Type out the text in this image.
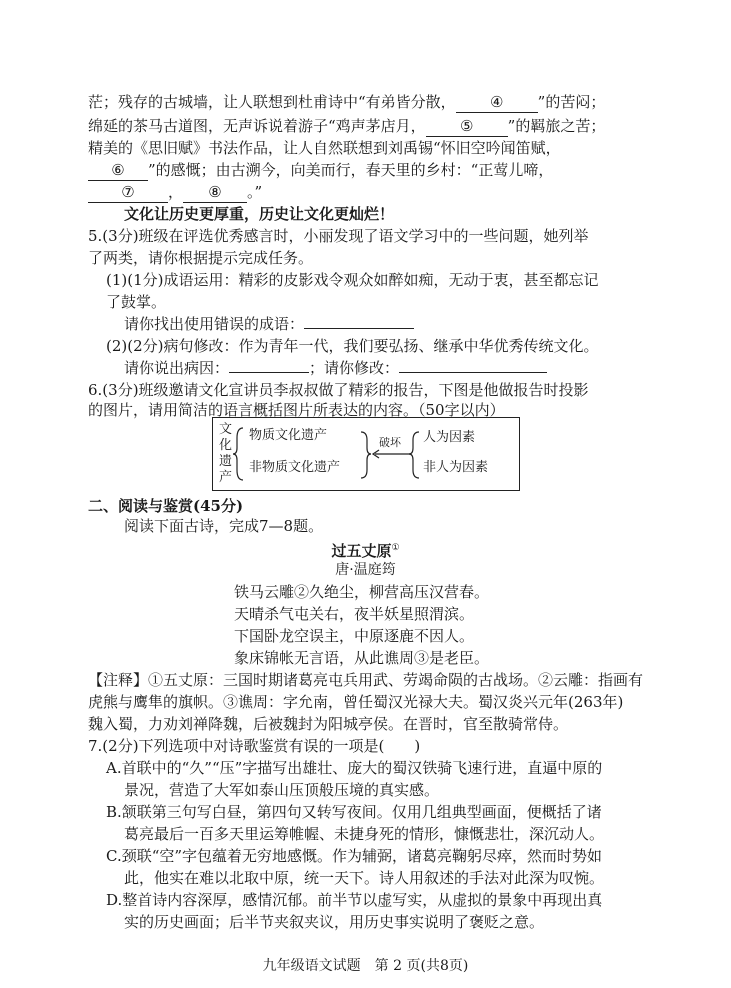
茫；残存的古城墙，让人联想到杜甫诗中“有弟皆分散， ④ ”的苦闷；
绵延的茶马古道图，无声诉说着游子“鸡声茅店月， ⑤ ”的羁旅之苦；
精美的《思旧赋》书法作品，让人自然联想到刘禹锡“怀旧空吟闻笛赋，
⑥ ”的感慨；由古溯今，向美而行，春天里的乡村：“正莺儿啼，
⑦ ， ⑧ 。”
文化让历史更厚重，历史让文化更灿烂！
5.(3分)班级在评选优秀感言时，小丽发现了语文学习中的一些问题，她列举
了两类，请你根据提示完成任务。
(1)(1分)成语运用：精彩的皮影戏令观众如醉如痴，无动于衷，甚至都忘记
了鼓掌。
请你找出使用错误的成语：
(2)(2分)病句修改：作为青年一代，我们要弘扬、继承中华优秀传统文化。
请你说出病因：	；请你修改：
6.(3分)班级邀请文化宣讲员李叔叔做了精彩的报告，下图是他做报告时投影
的图片，请用简洁的语言概括图片所表达的内容。（50字以内）
文化遗产
物质文化遗产
非物质文化遗产
破坏 人为因素
非人为因素
二、阅读与鉴赏(45分)
阅读下面古诗，完成7—8题。
过五丈原①
唐·温庭筠
铁马云雕②久绝尘，柳营高压汉营春。
天晴杀气屯关右，夜半妖星照渭滨。
下国卧龙空误主，中原逐鹿不因人。
象床锦帐无言语，从此谯周③是老臣。
【注释】①五丈原：三国时期诸葛亮屯兵用武、劳竭命陨的古战场。②云雕：指画有
虎熊与鹰隼的旗帜。③谯周：字允南，曾任蜀汉光禄大夫。蜀汉炎兴元年(263年)
魏入蜀，力劝刘禅降魏，后被魏封为阳城亭侯。在晋时，官至散骑常侍。
7.(2分)下列选项中对诗歌鉴赏有误的一项是(　　)
A.首联中的“久”“压”字描写出雄壮、庞大的蜀汉铁骑飞速行进，直逼中原的
景况，营造了大军如泰山压顶般压境的真实感。
B.颔联第三句写白昼，第四句又转写夜间。仅用几组典型画面，便概括了诸
葛亮最后一百多天里运筹帷幄、未捷身死的情形，慷慨悲壮，深沉动人。
C.颈联“空”字包蕴着无穷地感慨。作为辅弼，诸葛亮鞠躬尽瘁，然而时势如
此，他实在难以北取中原，统一天下。诗人用叙述的手法对此深为叹惋。
D.整首诗内容深厚，感情沉郁。前半节以虚写实，从虚拟的景象中再现出真
实的历史画面；后半节夹叙夹议，用历史事实说明了褒贬之意。
九年级语文试题　第 2 页(共8页)
